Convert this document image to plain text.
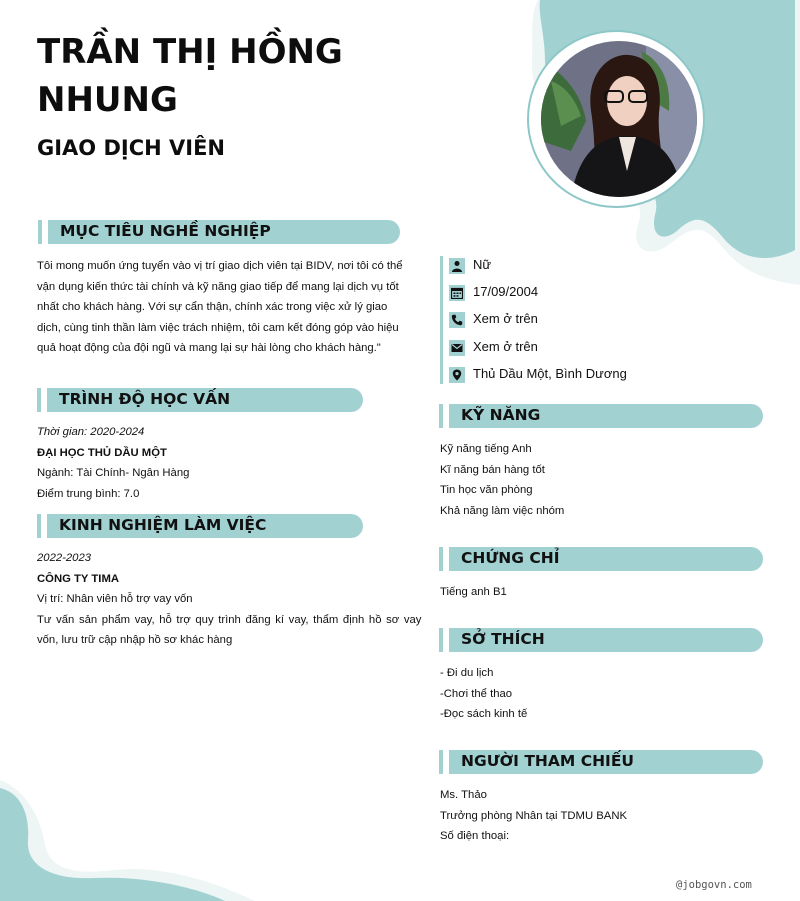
TRẦN THỊ HỒNG NHUNG
GIAO DỊCH VIÊN
MỤC TIÊU NGHỀ NGHIỆP
Tôi mong muốn ứng tuyển vào vị trí giao dịch viên tại BIDV, nơi tôi có thể
vận dụng kiến thức tài chính và kỹ năng giao tiếp để mang lại dịch vụ tốt
nhất cho khách hàng. Với sự cẩn thận, chính xác trong việc xử lý giao
dịch, cùng tinh thần làm việc trách nhiệm, tôi cam kết đóng góp vào hiệu
quả hoạt động của đội ngũ và mang lại sự hài lòng cho khách hàng."
TRÌNH ĐỘ HỌC VẤN
Thời gian: 2020-2024
ĐẠI HỌC THỦ DẦU MỘT
Ngành: Tài Chính- Ngân Hàng
Điểm trung bình: 7.0
KINH NGHIỆM LÀM VIỆC
2022-2023
CÔNG TY TIMA
Vị trí: Nhân viên hỗ trợ vay vốn
Tư vấn sản phẩm vay, hỗ trợ quy trình đăng kí vay, thẩm định hồ sơ vay
vốn, lưu trữ cập nhập hồ sơ khác hàng
Nữ
17/09/2004
Xem ở trên
Xem ở trên
Thủ Dầu Một, Bình Dương
KỸ NĂNG
Kỹ năng tiếng Anh
Kĩ năng bán hàng tốt
Tin học văn phòng
Khả năng làm việc nhóm
CHỨNG CHỈ
Tiếng anh B1
SỞ THÍCH
- Đi du lịch
-Chơi thể thao
-Đọc sách kinh tế
NGƯỜI THAM CHIẾU
Ms. Thảo
Trưởng phòng Nhân tại TDMU BANK
Số điện thoại:
@jobgovn.com
